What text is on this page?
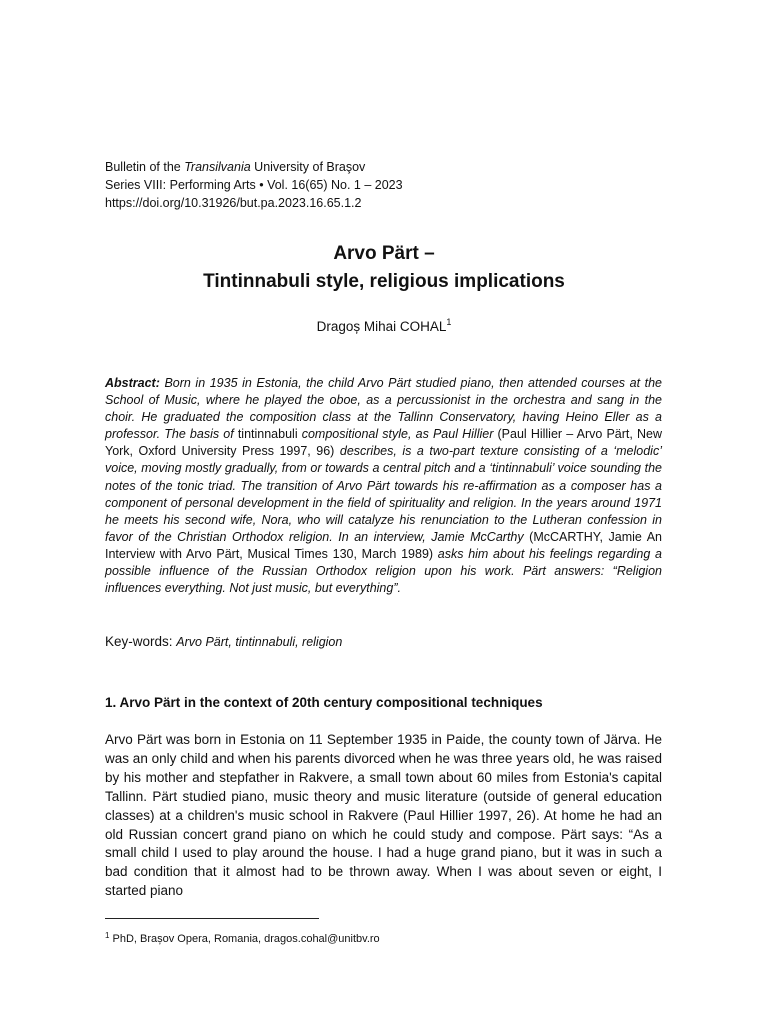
Bulletin of the Transilvania University of Braşov
Series VIII: Performing Arts • Vol. 16(65) No. 1 – 2023
https://doi.org/10.31926/but.pa.2023.16.65.1.2
Arvo Pärt –
Tintinnabuli style, religious implications
Dragoș Mihai COHAL$^1$
Abstract: Born in 1935 in Estonia, the child Arvo Pärt studied piano, then attended courses at the School of Music, where he played the oboe, as a percussionist in the orchestra and sang in the choir. He graduated the composition class at the Tallinn Conservatory, having Heino Eller as a professor. The basis of tintinnabuli compositional style, as Paul Hillier (Paul Hillier – Arvo Pärt, New York, Oxford University Press 1997, 96) describes, is a two-part texture consisting of a ‘melodic’ voice, moving mostly gradually, from or towards a central pitch and a ‘tintinnabuli’ voice sounding the notes of the tonic triad. The transition of Arvo Pärt towards his re-affirmation as a composer has a component of personal development in the field of spirituality and religion. In the years around 1971 he meets his second wife, Nora, who will catalyze his renunciation to the Lutheran confession in favor of the Christian Orthodox religion. In an interview, Jamie McCarthy (McCARTHY, Jamie An Interview with Arvo Pärt, Musical Times 130, March 1989) asks him about his feelings regarding a possible influence of the Russian Orthodox religion upon his work. Pärt answers: “Religion influences everything. Not just music, but everything”.
Key-words: Arvo Pärt, tintinnabuli, religion
1. Arvo Pärt in the context of 20th century compositional techniques
Arvo Pärt was born in Estonia on 11 September 1935 in Paide, the county town of Järva. He was an only child and when his parents divorced when he was three years old, he was raised by his mother and stepfather in Rakvere, a small town about 60 miles from Estonia's capital Tallinn. Pärt studied piano, music theory and music literature (outside of general education classes) at a children's music school in Rakvere (Paul Hillier 1997, 26). At home he had an old Russian concert grand piano on which he could study and compose. Pärt says: “As a small child I used to play around the house. I had a huge grand piano, but it was in such a bad condition that it almost had to be thrown away. When I was about seven or eight, I started piano
$^1$ PhD, Brașov Opera, Romania, dragos.cohal@unitbv.ro
